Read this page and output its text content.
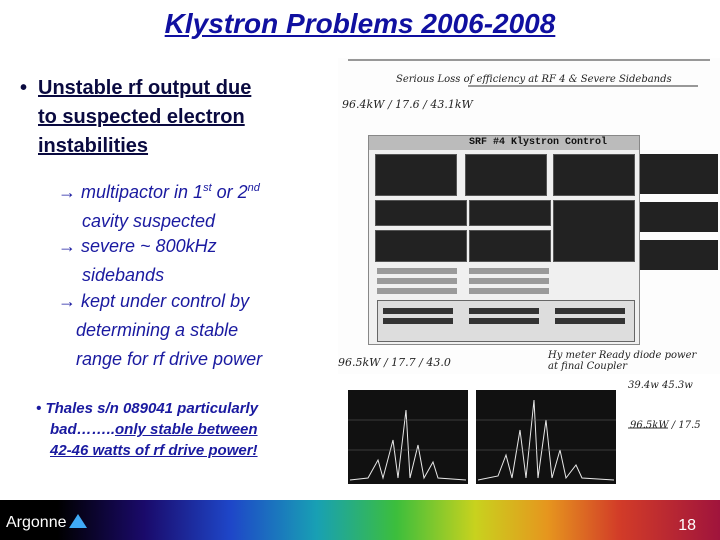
Klystron Problems 2006-2008
• Unstable rf output due
to suspected electron
instabilities
→ multipactor in 1st or 2nd
cavity suspected
→ severe ~ 800kHz
sidebands
→ kept under control by
determining a stable
range for rf drive power
• Thales s/n 089041 particularly
bad……..only stable between
42-46 watts of rf drive power!
Serious Loss of efficiency at RF 4 & Severe Sidebands
96.4kW / 17.6 / 43.1kW
SRF #4 Klystron Control
96.5kW / 17.7 / 43.0
Hy meter Ready diode power at final Coupler
39.4w 45.3w
96.5kW / 17.5
Argonne	18
